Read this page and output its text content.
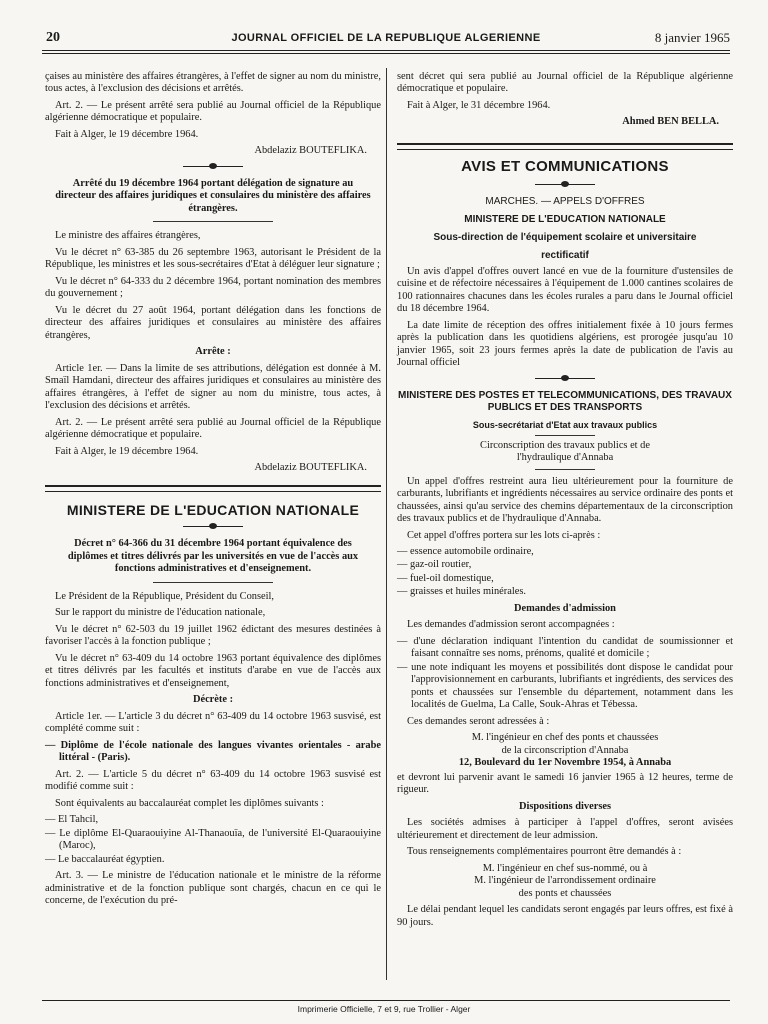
20	JOURNAL OFFICIEL DE LA REPUBLIQUE ALGERIENNE	8 janvier 1965

çaises au ministère des affaires étrangères, à l'effet de signer au nom du ministre, tous actes, à l'exclusion des décisions et arrêtés.

Art. 2. — Le présent arrêté sera publié au Journal officiel de la République algérienne démocratique et populaire.

Fait à Alger, le 19 décembre 1964.

Abdelaziz BOUTEFLIKA.

Arrêté du 19 décembre 1964 portant délégation de signature au directeur des affaires juridiques et consulaires du ministère des affaires étrangères.

Le ministre des affaires étrangères,

Vu le décret n° 63-385 du 26 septembre 1963, autorisant le Président de la République, les ministres et les sous-secrétaires d'Etat à déléguer leur signature ;

Vu le décret n° 64-333 du 2 décembre 1964, portant nomination des membres du gouvernement ;

Vu le décret du 27 août 1964, portant délégation dans les fonctions de directeur des affaires juridiques et consulaires au ministère des affaires étrangères,

Arrête :

Article 1er. — Dans la limite de ses attributions, délégation est donnée à M. Smaïl Hamdani, directeur des affaires juridiques et consulaires au ministère des affaires étrangères, à l'effet de signer au nom du ministre, tous actes, à l'exclusion des décisions et arrêtés.

Art. 2. — Le présent arrêté sera publié au Journal officiel de la République algérienne démocratique et populaire.

Fait à Alger, le 19 décembre 1964.

Abdelaziz BOUTEFLIKA.

MINISTERE DE L'EDUCATION NATIONALE

Décret n° 64-366 du 31 décembre 1964 portant équivalence des diplômes et titres délivrés par les universités en vue de l'accès aux fonctions administratives et d'enseignement.

Le Président de la République, Président du Conseil,

Sur le rapport du ministre de l'éducation nationale,

Vu le décret n° 62-503 du 19 juillet 1962 édictant des mesures destinées à favoriser l'accès à la fonction publique ;

Vu le décret n° 63-409 du 14 octobre 1963 portant équivalence des diplômes et titres délivrés par les facultés et instituts d'arabe en vue de l'accès aux fonctions administratives et d'enseignement,

Décrète :

Article 1er. — L'article 3 du décret n° 63-409 du 14 octobre 1963 susvisé, est complété comme suit :

— Diplôme de l'école nationale des langues vivantes orientales - arabe littéral - (Paris).

Art. 2. — L'article 5 du décret n° 63-409 du 14 octobre 1963 susvisé est modifié comme suit :

Sont équivalents au baccalauréat complet les diplômes suivants :

— El Tahcil,
— Le diplôme El-Quaraouiyine Al-Thanaouïa, de l'université El-Quaraouiyine (Maroc),
— Le baccalauréat égyptien.

Art. 3. — Le ministre de l'éducation nationale et le ministre de la réforme administrative et de la fonction publique sont chargés, chacun en ce qui le concerne, de l'exécution du pré-

sent décret qui sera publié au Journal officiel de la République algérienne démocratique et populaire.

Fait à Alger, le 31 décembre 1964.

Ahmed BEN BELLA.

AVIS ET COMMUNICATIONS
MARCHES. — APPELS D'OFFRES
MINISTERE DE L'EDUCATION NATIONALE
Sous-direction de l'équipement scolaire et universitaire
rectificatif

Un avis d'appel d'offres ouvert lancé en vue de la fourniture d'ustensiles de cuisine et de réfectoire nécessaires à l'équipement de 1.000 cantines scolaires de 100 rationnaires chacunes dans les écoles rurales a paru dans le Journal officiel du 18 décembre 1964.

La date limite de réception des offres initialement fixée à 10 jours fermes après la publication dans les quotidiens algériens, est prorogée jusqu'au 10 janvier 1965, soit 23 jours fermes après la date de publication de l'avis au Journal officiel

MINISTERE DES POSTES ET TELECOMMUNICATIONS, DES TRAVAUX PUBLICS ET DES TRANSPORTS
Sous-secrétariat d'Etat aux travaux publics

Circonscription des travaux publics et de l'hydraulique d'Annaba

Un appel d'offres restreint aura lieu ultérieurement pour la fourniture de carburants, lubrifiants et ingrédients nécessaires au service ordinaire des ponts et chaussées, ainsi qu'au service des chemins départementaux de la circonscription des travaux publics et de l'hydraulique d'Annaba.

Cet appel d'offres portera sur les lots ci-après :

— essence automobile ordinaire,
— gaz-oil routier,
— fuel-oil domestique,
— graisses et huiles minérales.

Demandes d'admission

Les demandes d'admission seront accompagnées :

— d'une déclaration indiquant l'intention du candidat de soumissionner et faisant connaître ses noms, prénoms, qualité et domicile ;
— une note indiquant les moyens et possibilités dont dispose le candidat pour l'approvisionnement en carburants, lubrifiants et ingrédients, des services des ponts et chaussées sur l'ensemble du département, notamment dans les localités de Guelma, La Calle, Souk-Ahras et Tébessa.

Ces demandes seront adressées à :

M. l'ingénieur en chef des ponts et chaussées

de la circonscription d'Annaba

12, Boulevard du 1er Novembre 1954, à Annaba

et devront lui parvenir avant le samedi 16 janvier 1965 à 12 heures, terme de rigueur.

Dispositions diverses

Les sociétés admises à participer à l'appel d'offres, seront avisées ultérieurement et directement de leur admission.

Tous renseignements complémentaires pourront être demandés à :

M. l'ingénieur en chef sus-nommé, ou à

M. l'ingénieur de l'arrondissement ordinaire

des ponts et chaussées

Le délai pendant lequel les candidats seront engagés par leurs offres, est fixé à 90 jours.

Imprimerie Officielle, 7 et 9, rue Trollier - Alger
